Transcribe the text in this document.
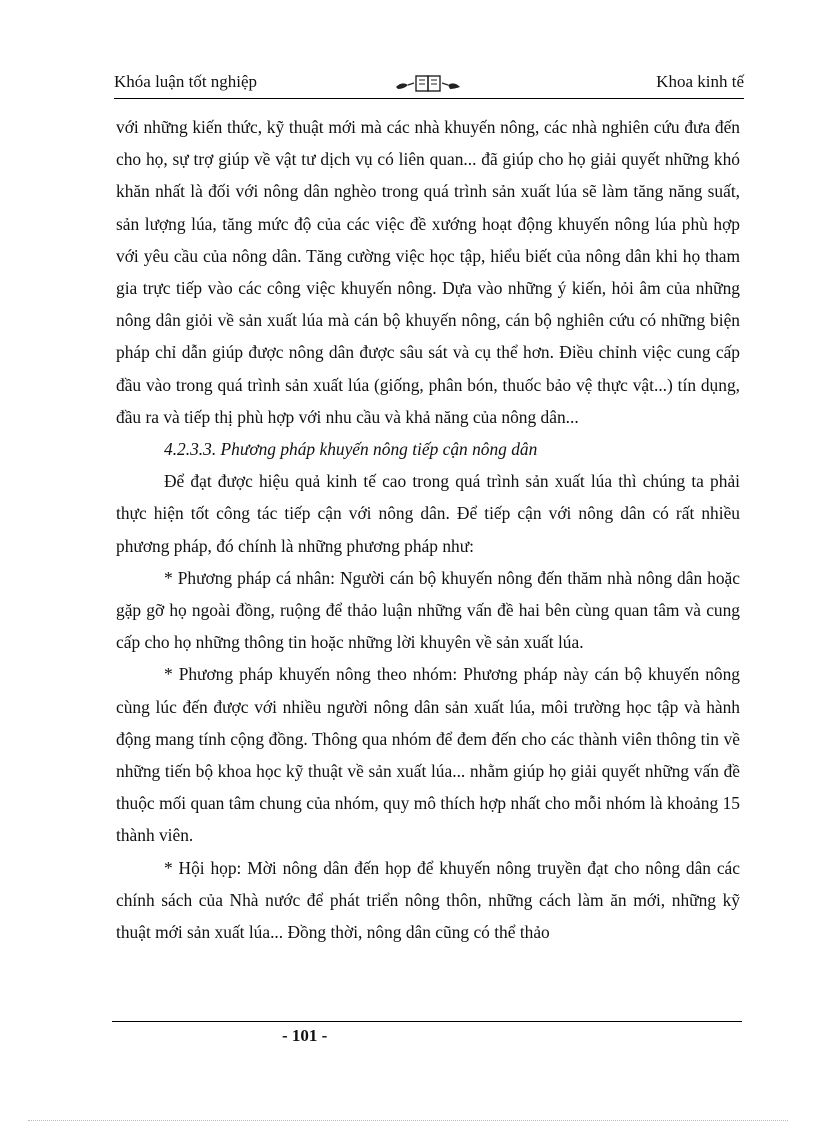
Khóa luận tốt nghiệp	Khoa kinh tế

với những kiến thức, kỹ thuật mới mà các nhà khuyến nông, các nhà nghiên cứu đưa đến cho họ, sự trợ giúp về vật tư dịch vụ có liên quan... đã giúp cho họ giải quyết những khó khăn nhất là đối với nông dân nghèo trong quá trình sản xuất lúa sẽ làm tăng năng suất, sản lượng lúa, tăng mức độ của các việc đề xướng hoạt động khuyến nông lúa phù hợp với yêu cầu của nông dân. Tăng cường việc học tập, hiểu biết của nông dân khi họ tham gia trực tiếp vào các công việc khuyến nông. Dựa vào những ý kiến, hỏi âm của những nông dân giỏi về sản xuất lúa mà cán bộ khuyến nông, cán bộ nghiên cứu có những biện pháp chỉ dẫn giúp được nông dân được sâu sát và cụ thể hơn. Điều chỉnh việc cung cấp đầu vào trong quá trình sản xuất lúa (giống, phân bón, thuốc bảo vệ thực vật...) tín dụng, đầu ra và tiếp thị phù hợp với nhu cầu và khả năng của nông dân...

4.2.3.3. Phương pháp khuyến nông tiếp cận nông dân

Để đạt được hiệu quả kinh tế cao trong quá trình sản xuất lúa thì chúng ta phải thực hiện tốt công tác tiếp cận với nông dân. Để tiếp cận với nông dân có rất nhiều phương pháp, đó chính là những phương pháp như:

* Phương pháp cá nhân: Người cán bộ khuyến nông đến thăm nhà nông dân hoặc gặp gỡ họ ngoài đồng, ruộng để thảo luận những vấn đề hai bên cùng quan tâm và cung cấp cho họ những thông tin hoặc những lời khuyên về sản xuất lúa.

* Phương pháp khuyến nông theo nhóm: Phương pháp này cán bộ khuyến nông cùng lúc đến được với nhiều người nông dân sản xuất lúa, môi trường học tập và hành động mang tính cộng đồng. Thông qua nhóm để đem đến cho các thành viên thông tin về những tiến bộ khoa học kỹ thuật về sản xuất lúa... nhằm giúp họ giải quyết những vấn đề thuộc mối quan tâm chung của nhóm, quy mô thích hợp nhất cho mỗi nhóm là khoảng 15 thành viên.

* Hội họp: Mời nông dân đến họp để khuyến nông truyền đạt cho nông dân các chính sách của Nhà nước để phát triển nông thôn, những cách làm ăn mới, những kỹ thuật mới sản xuất lúa... Đồng thời, nông dân cũng có thể thảo

- 101 -
